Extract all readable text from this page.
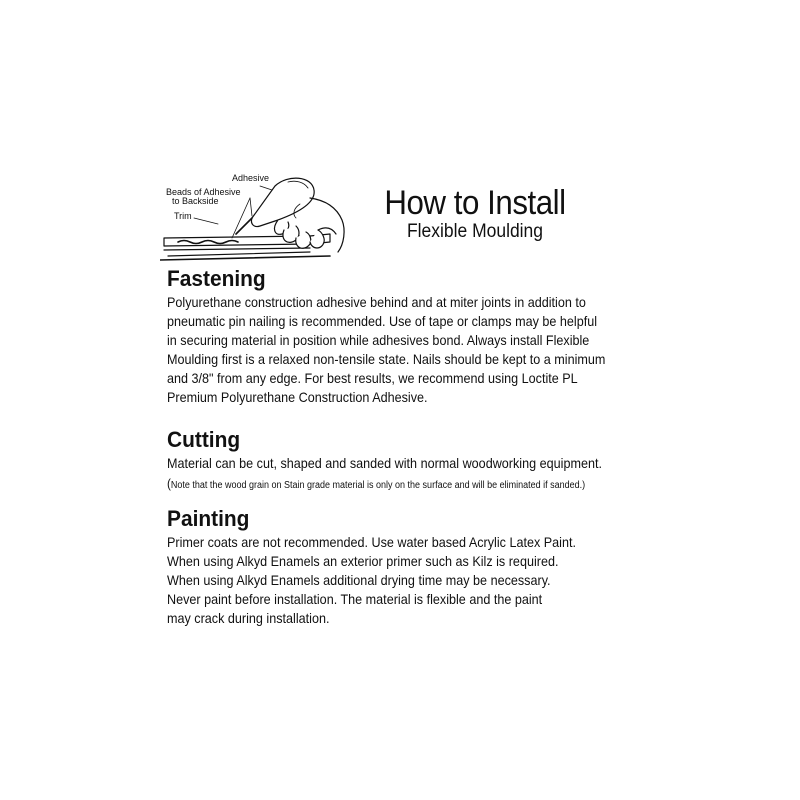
Adhesive
Beads of Adhesive
to Backside
Trim	How to Install
Flexible Moulding
Fastening
Polyurethane construction adhesive behind and at miter joints in addition to
pneumatic pin nailing is recommended. Use of tape or clamps may be helpful
in securing material in position while adhesives bond. Always install Flexible
Moulding first is a relaxed non-tensile state. Nails should be kept to a minimum
and 3/8" from any edge. For best results, we recommend using Loctite PL
Premium Polyurethane Construction Adhesive.
Cutting
Material can be cut, shaped and sanded with normal woodworking equipment.
(Note that the wood grain on Stain grade material is only on the surface and will be eliminated if sanded.)
Painting
Primer coats are not recommended. Use water based Acrylic Latex Paint.
When using Alkyd Enamels an exterior primer such as Kilz is required.
When using Alkyd Enamels additional drying time may be necessary.
Never paint before installation. The material is flexible and the paint
may crack during installation.
